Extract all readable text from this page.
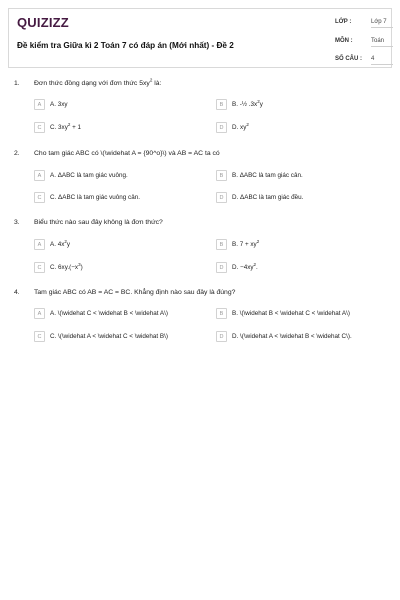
QUIZIZZ
Đề kiểm tra Giữa kì 2 Toán 7 có đáp án (Mới nhất) - Đề 2
LỚP :	Lớp 7
MÔN :	Toán
SỐ CÂU : 4
1. Đơn thức đồng dạng với đơn thức $5xy^2$ là:
A	A. 3xy	B	B. -½ $.3x^2y$
C	C. $3xy^2 + 1$	D	D. $xy^2$
2. Cho tam giác ABC có \(\widehat A = {90^o}\) và AB = AC ta có
A	A. ΔABC là tam giác vuông.	B	B. ΔABC là tam giác cân.
C	C. ΔABC là tam giác vuông cân.	D	D. ΔABC là tam giác đều.
3. Biểu thức nào sau đây không là đơn thức?
A	A. $4x^2y$	B	B. $7 + xy^2$
C	C. $6xy.(-x^3)$	D	D. $-4xy^2$.
4. Tam giác ABC có AB = AC = BC. Khẳng định nào sau đây là đúng?
A	A. \(\widehat C < \widehat B < \widehat A\)	B	B. \(\widehat B < \widehat C < \widehat A\)
C	C. \(\widehat A < \widehat C < \widehat B\)	D	D. \(\widehat A < \widehat B < \widehat C\).
